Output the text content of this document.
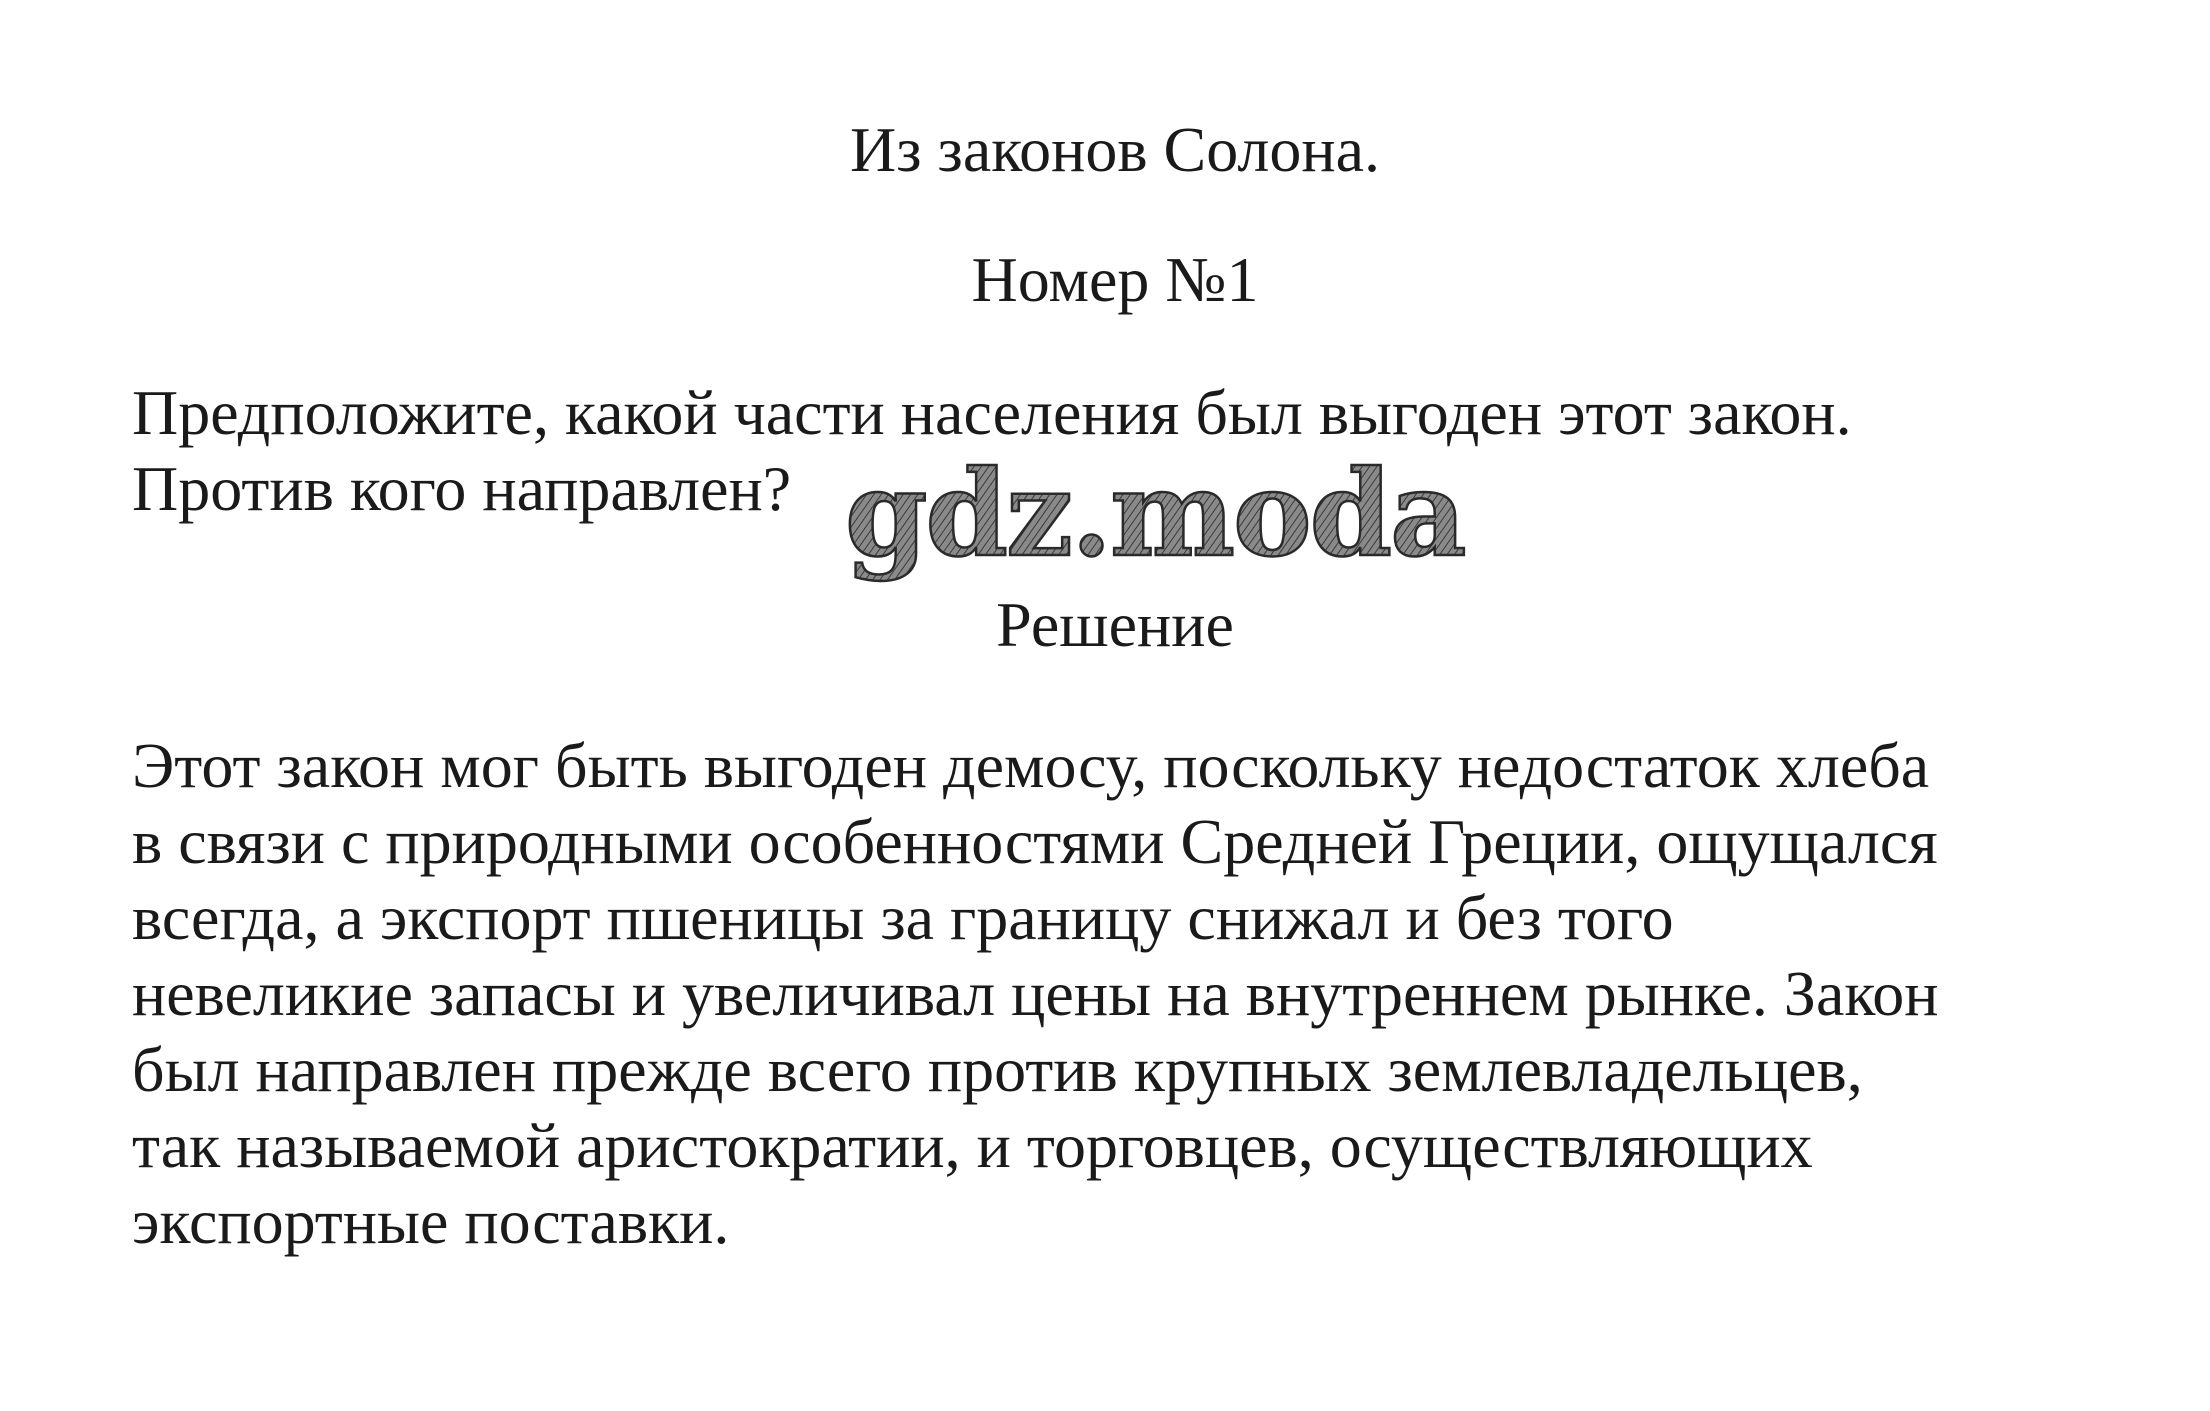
Из законов Солона.
Номер №1
Предположите, какой части населения был выгоден этот закон.
Против кого направлен? gdz.moda
Решение
Этот закон мог быть выгоден демосу, поскольку недостаток хлеба
в связи с природными особенностями Средней Греции, ощущался
всегда, а экспорт пшеницы за границу снижал и без того
невеликие запасы и увеличивал цены на внутреннем рынке. Закон
был направлен прежде всего против крупных землевладельцев,
так называемой аристократии, и торговцев, осуществляющих
экспортные поставки.
